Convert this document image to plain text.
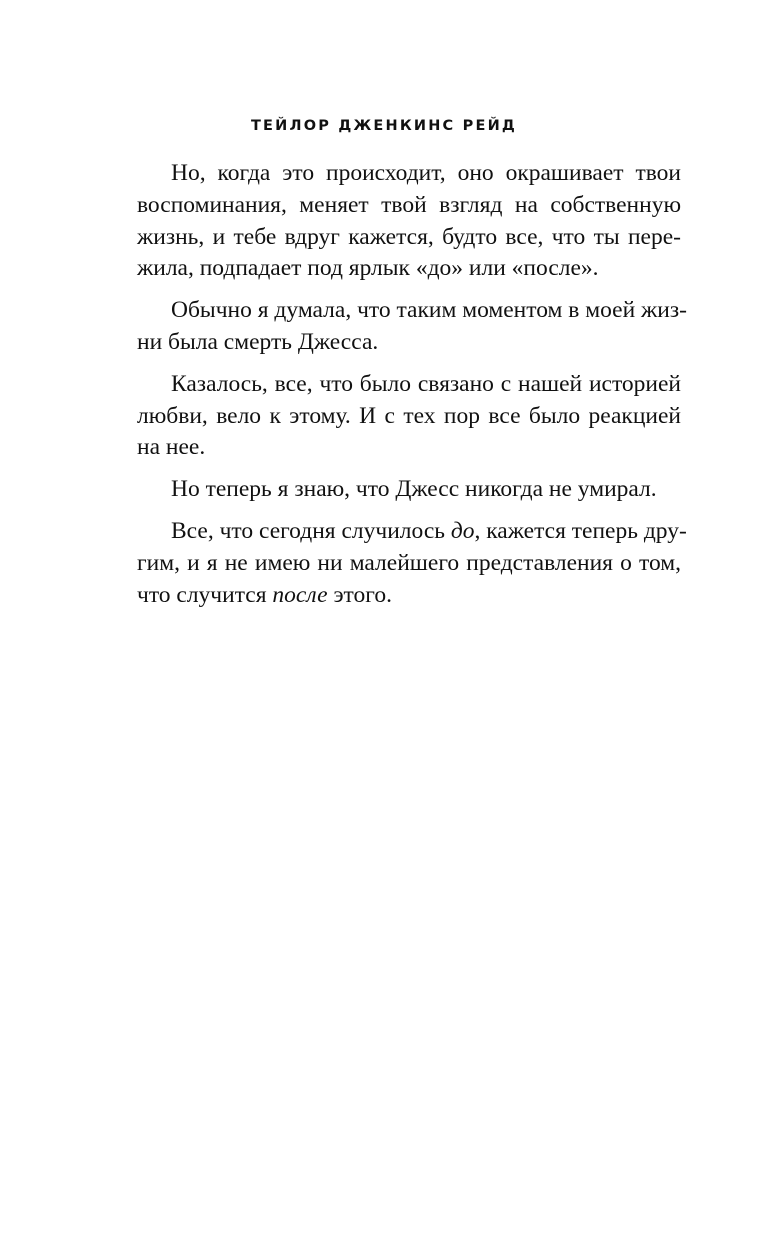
ТЕЙЛОР ДЖЕНКИНС РЕЙД

Но, когда это происходит, оно окрашивает твои
воспоминания, меняет твой взгляд на собственную
жизнь, и тебе вдруг кажется, будто все, что ты пере-
жила, подпадает под ярлык «до» или «после».
Обычно я думала, что таким моментом в моей жиз-
ни была смерть Джесса.
Казалось, все, что было связано с нашей историей
любви, вело к этому. И с тех пор все было реакцией
на нее.
Но теперь я знаю, что Джесс никогда не умирал.
Все, что сегодня случилось до, кажется теперь дру-
гим, и я не имею ни малейшего представления о том,
что случится после этого.
